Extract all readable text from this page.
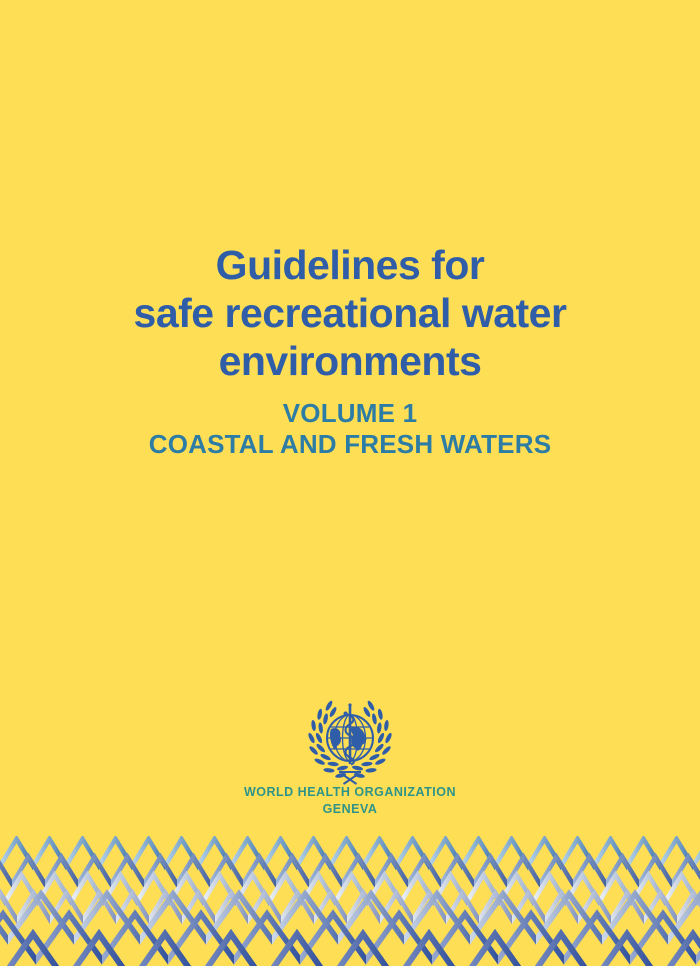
Guidelines for
safe recreational water
environments
VOLUME 1
COASTAL AND FRESH WATERS
WORLD HEALTH ORGANIZATION
GENEVA
